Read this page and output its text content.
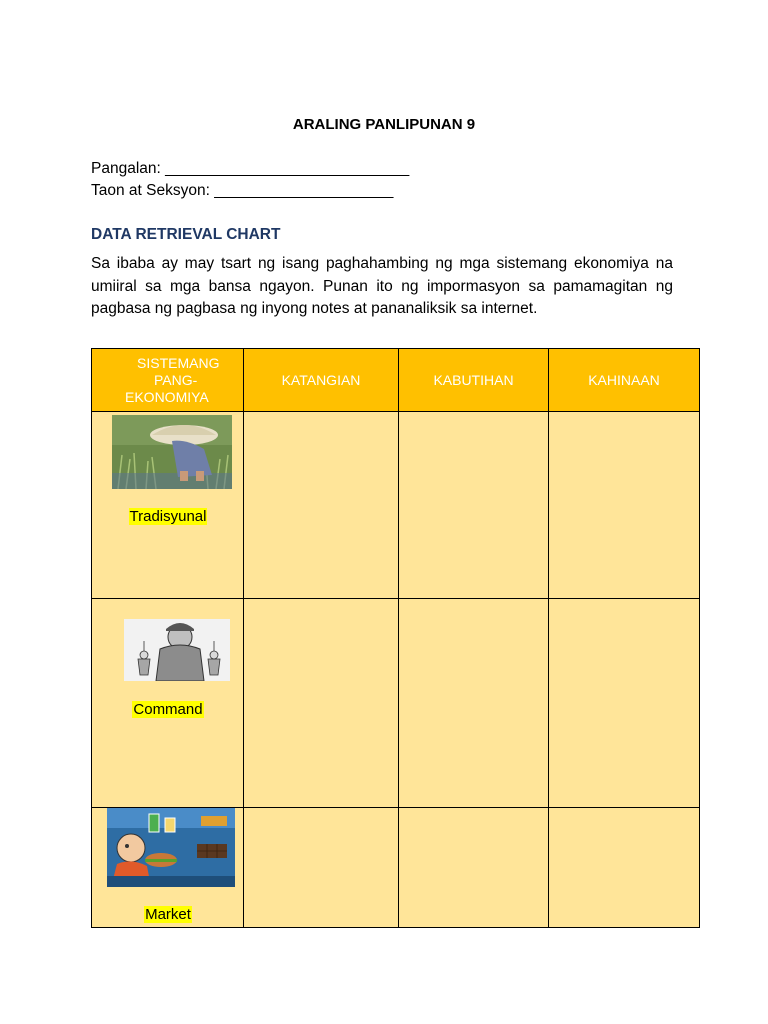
ARALING PANLIPUNAN 9
Pangalan: ______________________________
Taon at Seksyon: ______________________
DATA RETRIEVAL CHART
Sa ibaba ay may tsart ng isang paghahambing ng mga sistemang ekonomiya na umiiral sa mga bansa ngayon. Punan ito ng impormasyon sa pamamagitan ng pagbasa ng pagbasa ng inyong notes at pananaliksik sa internet.
SISTEMANG
PANG-
EKONOMIYA	KATANGIAN	KABUTIHAN	KAHINAAN

Tradisyunal			

Command			

Market			
